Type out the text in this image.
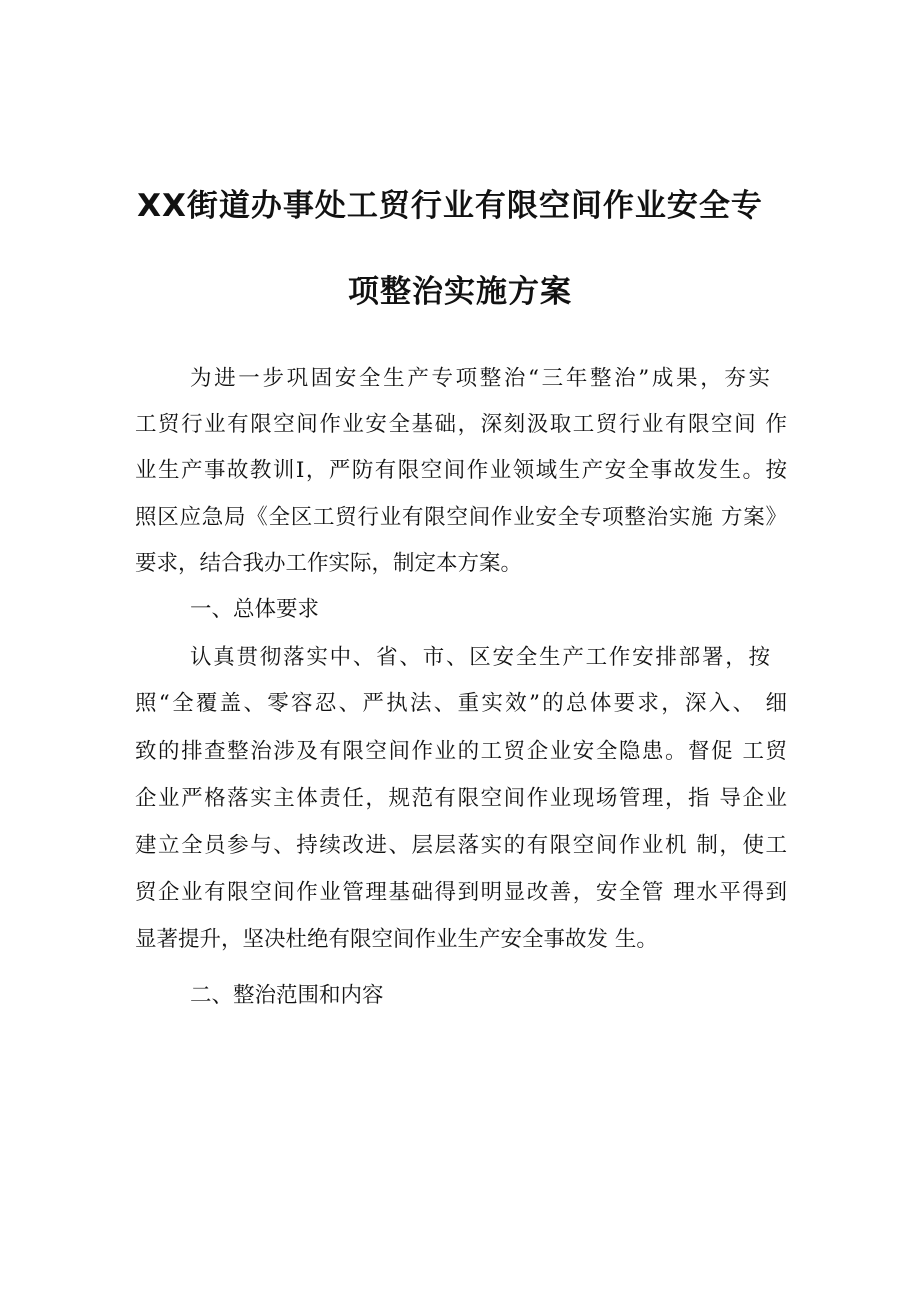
XX街道办事处工贸行业有限空间作业安全专
项整治实施方案

为进一步巩固安全生产专项整治“三年整治”成果，夯实

工贸行业有限空间作业安全基础，深刻汲取工贸行业有限空间 作

业生产事故教训I，严防有限空间作业领域生产安全事故发生。按

照区应急局《全区工贸行业有限空间作业安全专项整治实施 方案》

要求，结合我办工作实际，制定本方案。

一、总体要求

认真贯彻落实中、省、市、区安全生产工作安排部署，按

照“全覆盖、零容忍、严执法、重实效”的总体要求，深入、 细

致的排查整治涉及有限空间作业的工贸企业安全隐患。督促 工贸

企业严格落实主体责任，规范有限空间作业现场管理，指 导企业

建立全员参与、持续改进、层层落实的有限空间作业机 制，使工

贸企业有限空间作业管理基础得到明显改善，安全管 理水平得到

显著提升，坚决杜绝有限空间作业生产安全事故发 生。

二、整治范围和内容
